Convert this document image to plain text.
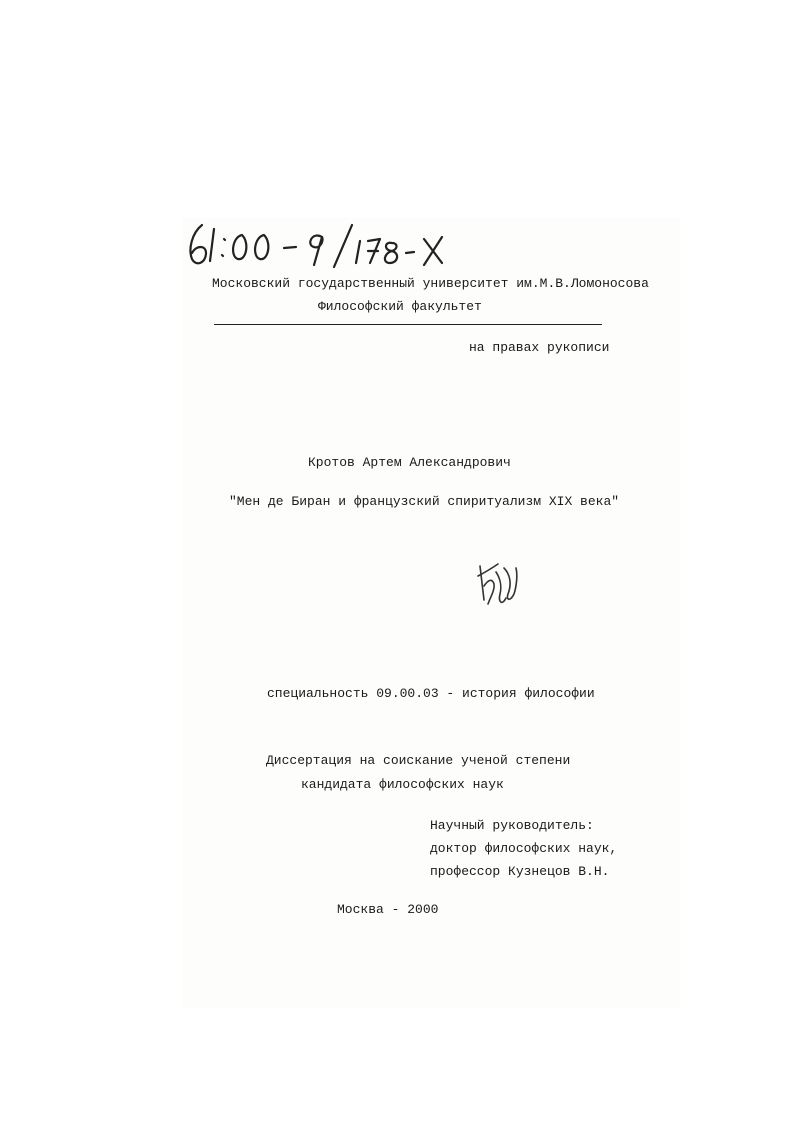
Московский государственный университет им.М.В.Ломоносова
Философский факультет
на правах рукописи
Кротов Артем Александрович
"Мен де Биран и французский спиритуализм XIX века"
специальность 09.00.03 - история философии
Диссертация на соискание ученой степени
кандидата философских наук
Научный руководитель:
доктор философских наук,
профессор Кузнецов В.Н.
Москва - 2000
